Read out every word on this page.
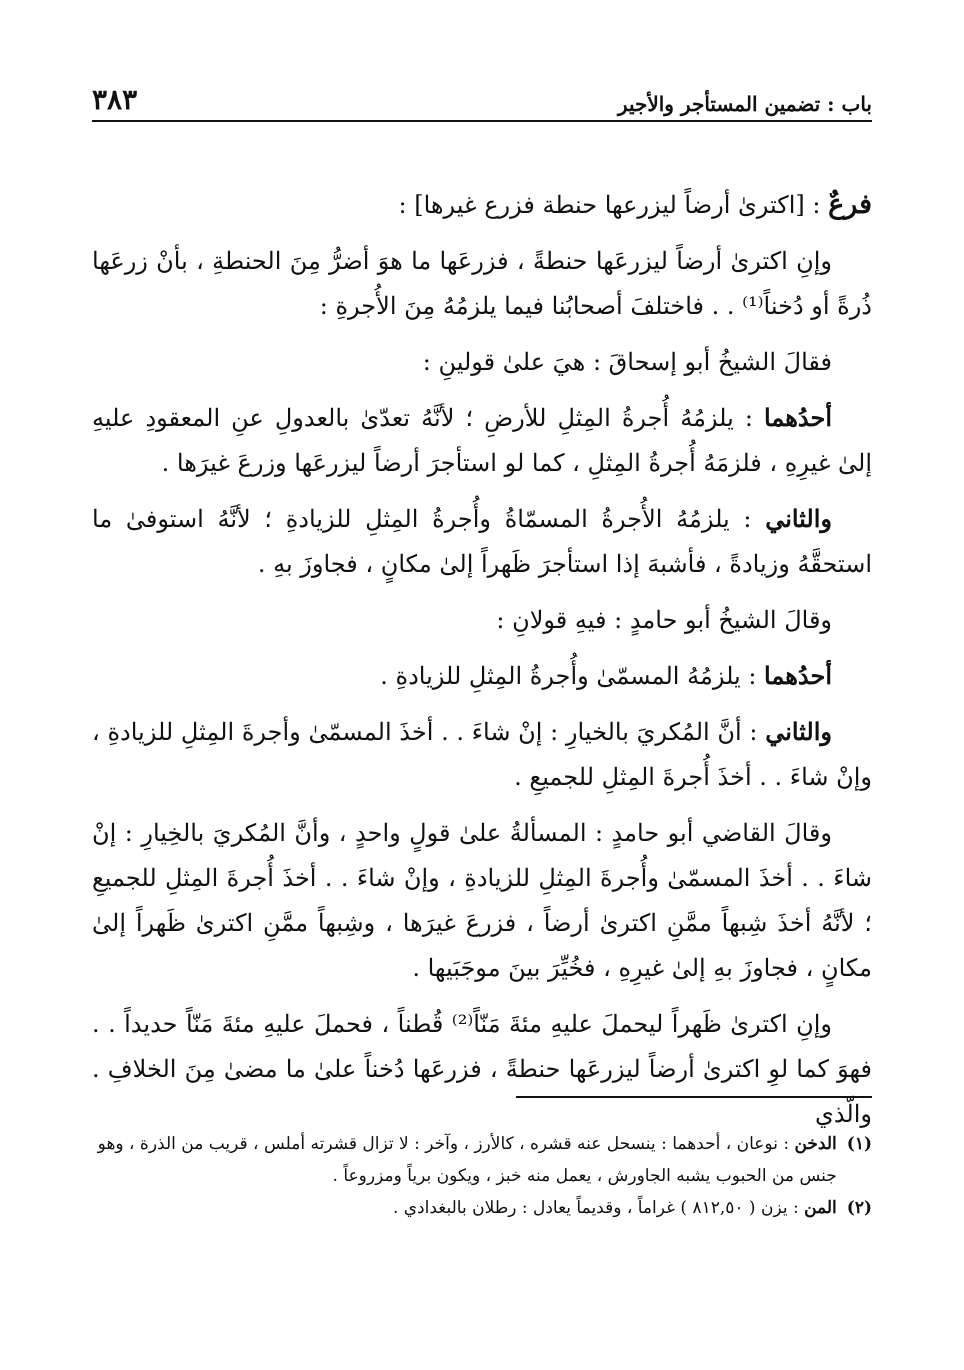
باب : تضمين المستأجر والأجير
٣٨٣

فرعٌ : [اكترىٰ أرضاً ليزرعها حنطة فزرع غيرها] :

وإنِ اكترىٰ أرضاً ليزرعَها حنطةً ، فزرعَها ما هوَ أضرُّ مِنَ الحنطةِ ، بأنْ زرعَها ذُرةً أو دُخناً⁽¹⁾ . . فاختلفَ أصحابُنا فيما يلزمُهُ مِنَ الأُجرةِ :

فقالَ الشيخُ أبو إسحاقَ : هيَ علىٰ قولينِ :

أحدُهما : يلزمُهُ أُجرةُ المِثلِ للأرضِ ؛ لأنَّهُ تعدّىٰ بالعدولِ عنِ المعقودِ عليهِ إلىٰ غيرِهِ ، فلزمَهُ أُجرةُ المِثلِ ، كما لو استأجرَ أرضاً ليزرعَها وزرعَ غيرَها .

والثاني : يلزمُهُ الأُجرةُ المسمّاةُ وأُجرةُ المِثلِ للزيادةِ ؛ لأنَّهُ استوفىٰ ما استحقَّهُ وزيادةً ، فأشبهَ إذا استأجرَ ظَهراً إلىٰ مكانٍ ، فجاوزَ بهِ .

وقالَ الشيخُ أبو حامدٍ : فيهِ قولانِ :

أحدُهما : يلزمُهُ المسمّىٰ وأُجرةُ المِثلِ للزيادةِ .

والثاني : أنَّ المُكريَ بالخيارِ : إنْ شاءَ . . أخذَ المسمّىٰ وأجرةَ المِثلِ للزيادةِ ، وإنْ شاءَ . . أخذَ أُجرةَ المِثلِ للجميعِ .

وقالَ القاضي أبو حامدٍ : المسألةُ علىٰ قولٍ واحدٍ ، وأنَّ المُكريَ بالخِيارِ : إنْ شاءَ . . أخذَ المسمّىٰ وأُجرةَ المِثلِ للزيادةِ ، وإنْ شاءَ . . أخذَ أُجرةَ المِثلِ للجميعِ ؛ لأنَّهُ أخذَ شِبهاً ممَّنِ اكترىٰ أرضاً ، فزرعَ غيرَها ، وشِبهاً ممَّنِ اكترىٰ ظَهراً إلىٰ مكانٍ ، فجاوزَ بهِ إلىٰ غيرِهِ ، فخُيِّرَ بينَ موجَبَيها .

وإنِ اكترىٰ ظَهراً ليحملَ عليهِ مئةَ مَنّاً⁽²⁾ قُطناً ، فحملَ عليهِ مئةَ مَنّاً حديداً . . فهوَ كما لوِ اكترىٰ أرضاً ليزرعَها حنطةً ، فزرعَها دُخناً علىٰ ما مضىٰ مِنَ الخلافِ . والّذي

(١)
الدخن : نوعان ، أحدهما : ينسحل عنه قشره ، كالأرز ، وآخر : لا تزال قشرته أملس ، قريب من الذرة ، وهو جنس من الحبوب يشبه الجاورش ، يعمل منه خبز ، ويكون برياً ومزروعاً .
(٢)
المن : يزن ( ٨١٢,٥٠ ) غراماً ، وقديماً يعادل : رطلان بالبغدادي .
